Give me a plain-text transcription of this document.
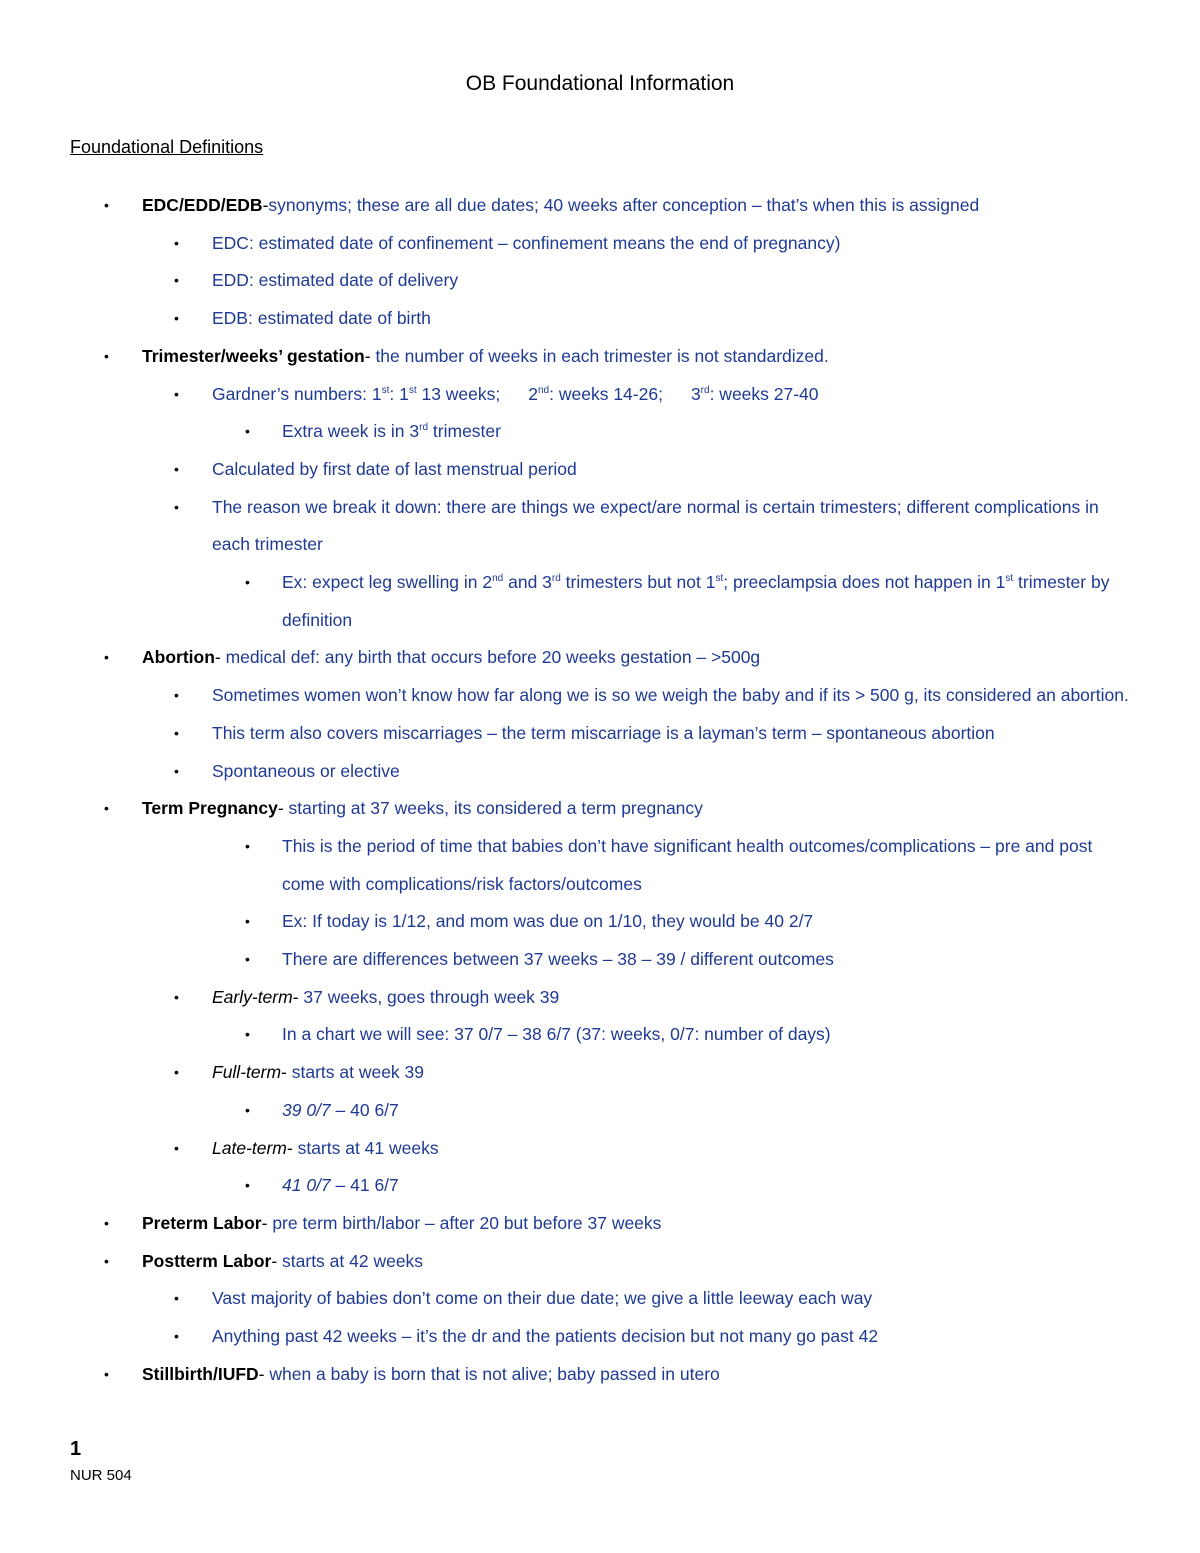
OB Foundational Information
Foundational Definitions
• EDC/EDD/EDB-synonyms; these are all due dates; 40 weeks after conception – that’s when this is assigned
• EDC: estimated date of confinement – confinement means the end of pregnancy)
• EDD: estimated date of delivery
• EDB: estimated date of birth
• Trimester/weeks’ gestation- the number of weeks in each trimester is not standardized.
• Gardner’s numbers: 1st: 1st 13 weeks; 2nd: weeks 14-26; 3rd: weeks 27-40
• Extra week is in 3rd trimester
• Calculated by first date of last menstrual period
• The reason we break it down: there are things we expect/are normal is certain trimesters; different complications in each trimester
• Ex: expect leg swelling in 2nd and 3rd trimesters but not 1st; preeclampsia does not happen in 1st trimester by definition
• Abortion- medical def: any birth that occurs before 20 weeks gestation – >500g
• Sometimes women won’t know how far along we is so we weigh the baby and if its > 500 g, its considered an abortion.
• This term also covers miscarriages – the term miscarriage is a layman’s term – spontaneous abortion
• Spontaneous or elective
• Term Pregnancy- starting at 37 weeks, its considered a term pregnancy
• This is the period of time that babies don’t have significant health outcomes/complications – pre and post come with complications/risk factors/outcomes
• Ex: If today is 1/12, and mom was due on 1/10, they would be 40 2/7
• There are differences between 37 weeks – 38 – 39 / different outcomes
• Early-term- 37 weeks, goes through week 39
• In a chart we will see: 37 0/7 – 38 6/7 (37: weeks, 0/7: number of days)
• Full-term- starts at week 39
• 39 0/7 – 40 6/7
• Late-term- starts at 41 weeks
• 41 0/7 – 41 6/7
• Preterm Labor- pre term birth/labor – after 20 but before 37 weeks
• Postterm Labor- starts at 42 weeks
• Vast majority of babies don’t come on their due date; we give a little leeway each way
• Anything past 42 weeks – it’s the dr and the patients decision but not many go past 42
• Stillbirth/IUFD- when a baby is born that is not alive; baby passed in utero
1
NUR 504
